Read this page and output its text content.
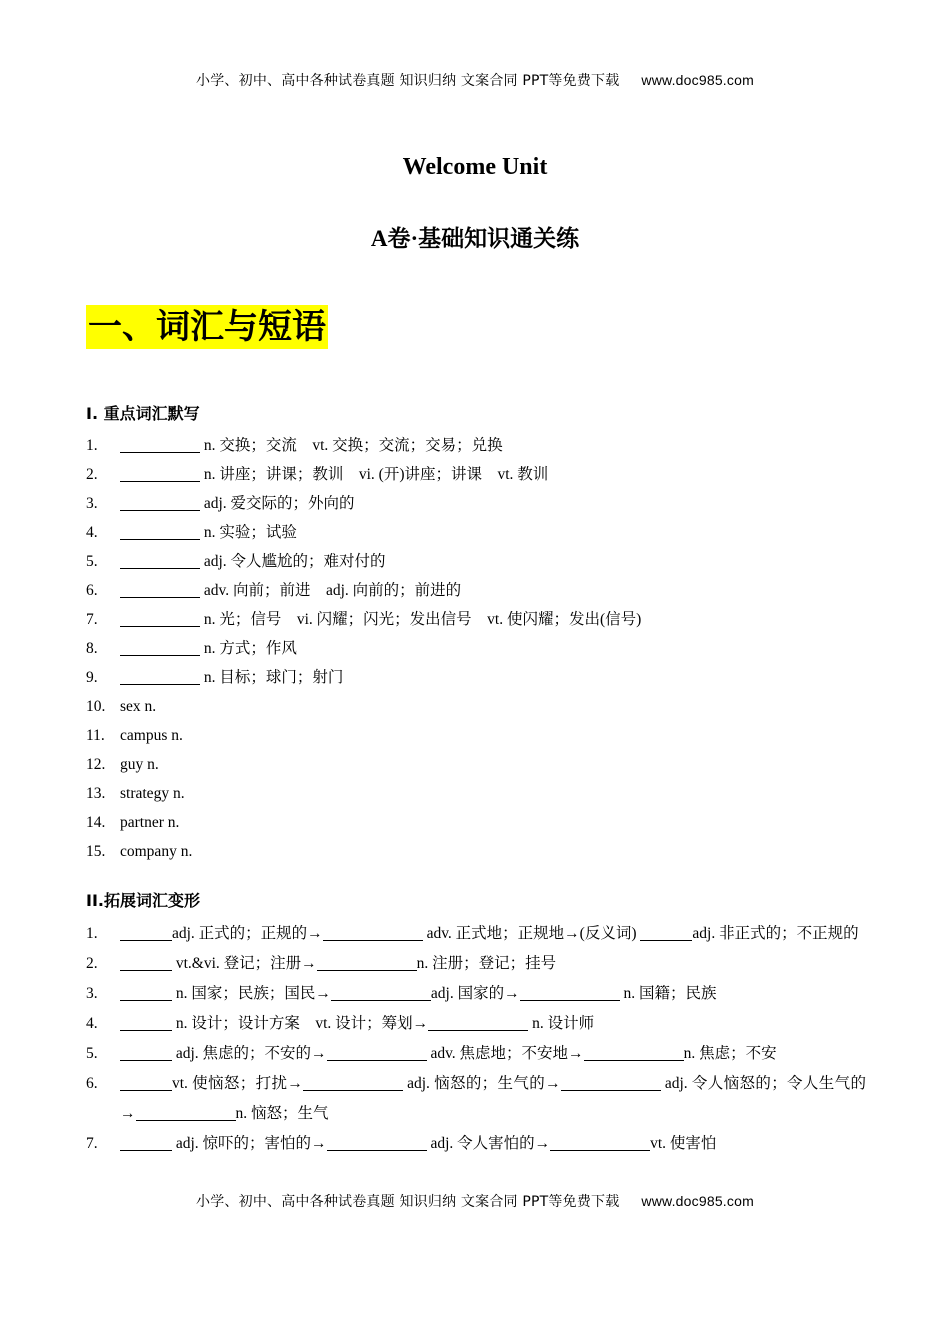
小学、初中、高中各种试卷真题 知识归纳 文案合同 PPT等免费下载 www.doc985.com
Welcome Unit
A卷·基础知识通关练
一、词汇与短语
I. 重点词汇默写
1.	n. 交换；交流　vt. 交换；交流；交易；兑换
2.	n. 讲座；讲课；教训　vi. (开)讲座；讲课　vt. 教训
3.	adj. 爱交际的；外向的
4.	n. 实验；试验
5.	adj. 令人尴尬的；难对付的
6.	adv. 向前；前进　adj. 向前的；前进的
7.	n. 光；信号　vi. 闪耀；闪光；发出信号　vt. 使闪耀；发出(信号)
8.	n. 方式；作风
9.	n. 目标；球门；射门
10. sex n.
11. campus n.
12. guy n.
13. strategy n.
14. partner n.
15. company n.
II.拓展词汇变形
1.	adj. 正式的；正规的→	adv. 正式地；正规地→(反义词)	adj. 非正式的；不正规的
2.	vt.&vi. 登记；注册→	n. 注册；登记；挂号
3.	n. 国家；民族；国民→	adj. 国家的→	n. 国籍；民族
4.	n. 设计；设计方案　vt. 设计；筹划→	n. 设计师
5.	adj. 焦虑的；不安的→	adv. 焦虑地；不安地→	n. 焦虑；不安
6.	vt. 使恼怒；打扰→	adj. 恼怒的；生气的→	adj. 令人恼怒的；令人生气的→	n. 恼怒；生气
7.	adj. 惊吓的；害怕的→	adj. 令人害怕的→	vt. 使害怕
小学、初中、高中各种试卷真题 知识归纳 文案合同 PPT等免费下载 www.doc985.com
